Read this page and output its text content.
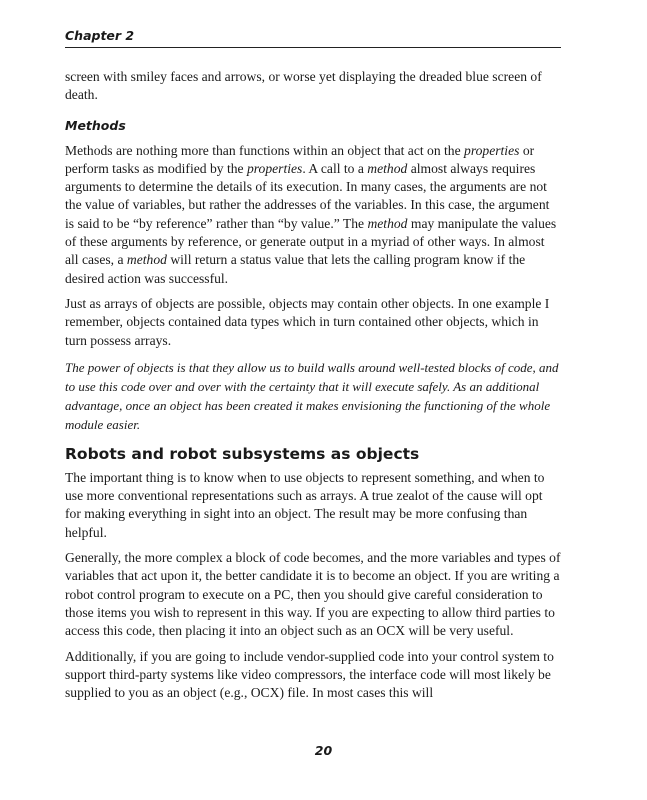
Chapter 2

screen with smiley faces and arrows, or worse yet displaying the dreaded blue screen of death.

Methods

Methods are nothing more than functions within an object that act on the properties or perform tasks as modified by the properties. A call to a method almost always requires arguments to determine the details of its execution. In many cases, the arguments are not the value of variables, but rather the addresses of the variables. In this case, the argument is said to be “by reference” rather than “by value.” The method may manipulate the values of these arguments by reference, or generate output in a myriad of other ways. In almost all cases, a method will return a status value that lets the calling program know if the desired action was successful.

Just as arrays of objects are possible, objects may contain other objects. In one example I remember, objects contained data types which in turn contained other objects, which in turn possess arrays.

The power of objects is that they allow us to build walls around well-tested blocks of code, and to use this code over and over with the certainty that it will execute safely. As an additional advantage, once an object has been created it makes envisioning the functioning of the whole module easier.

Robots and robot subsystems as objects

The important thing is to know when to use objects to represent something, and when to use more conventional representations such as arrays. A true zealot of the cause will opt for making everything in sight into an object. The result may be more confusing than helpful.

Generally, the more complex a block of code becomes, and the more variables and types of variables that act upon it, the better candidate it is to become an object. If you are writing a robot control program to execute on a PC, then you should give careful consideration to those items you wish to represent in this way. If you are expecting to allow third parties to access this code, then placing it into an object such as an OCX will be very useful.

Additionally, if you are going to include vendor-supplied code into your control system to support third-party systems like video compressors, the interface code will most likely be supplied to you as an object (e.g., OCX) file. In most cases this will

20
